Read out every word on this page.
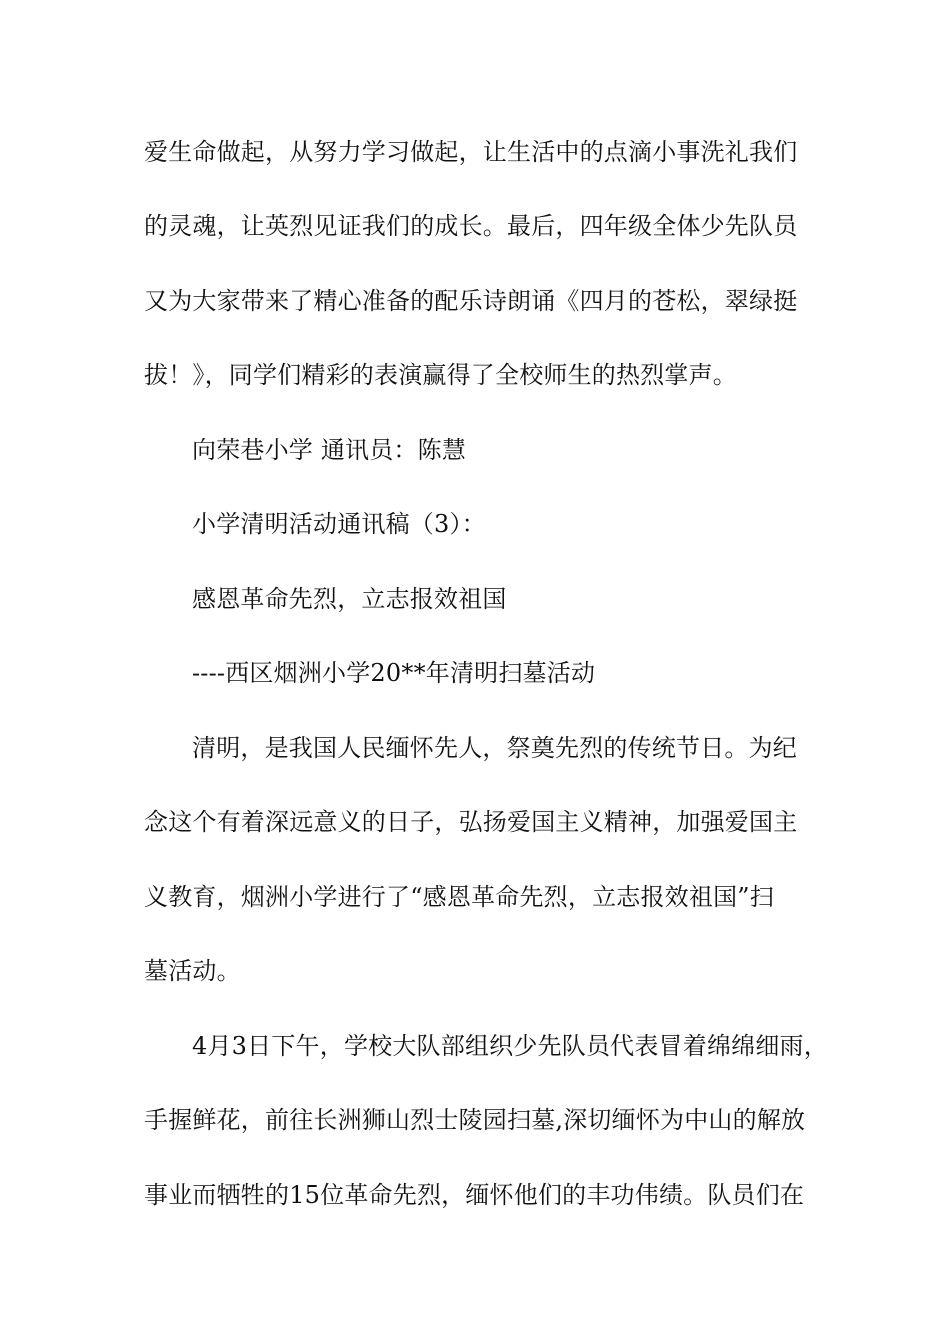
爱生命做起，从努力学习做起，让生活中的点滴小事洗礼我们
的灵魂，让英烈见证我们的成长。最后，四年级全体少先队员
又为大家带来了精心准备的配乐诗朗诵《四月的苍松，翠绿挺
拔！》，同学们精彩的表演赢得了全校师生的热烈掌声。
向荣巷小学 通讯员：陈慧
小学清明活动通讯稿（3）：
感恩革命先烈，立志报效祖国
----西区烟洲小学20**年清明扫墓活动
清明，是我国人民缅怀先人，祭奠先烈的传统节日。为纪
念这个有着深远意义的日子，弘扬爱国主义精神，加强爱国主
义教育，烟洲小学进行了“感恩革命先烈，立志报效祖国”扫
墓活动。
4月3日下午，学校大队部组织少先队员代表冒着绵绵细雨，
手握鲜花，前往长洲狮山烈士陵园扫墓,深切缅怀为中山的解放
事业而牺牲的15位革命先烈，缅怀他们的丰功伟绩。队员们在
